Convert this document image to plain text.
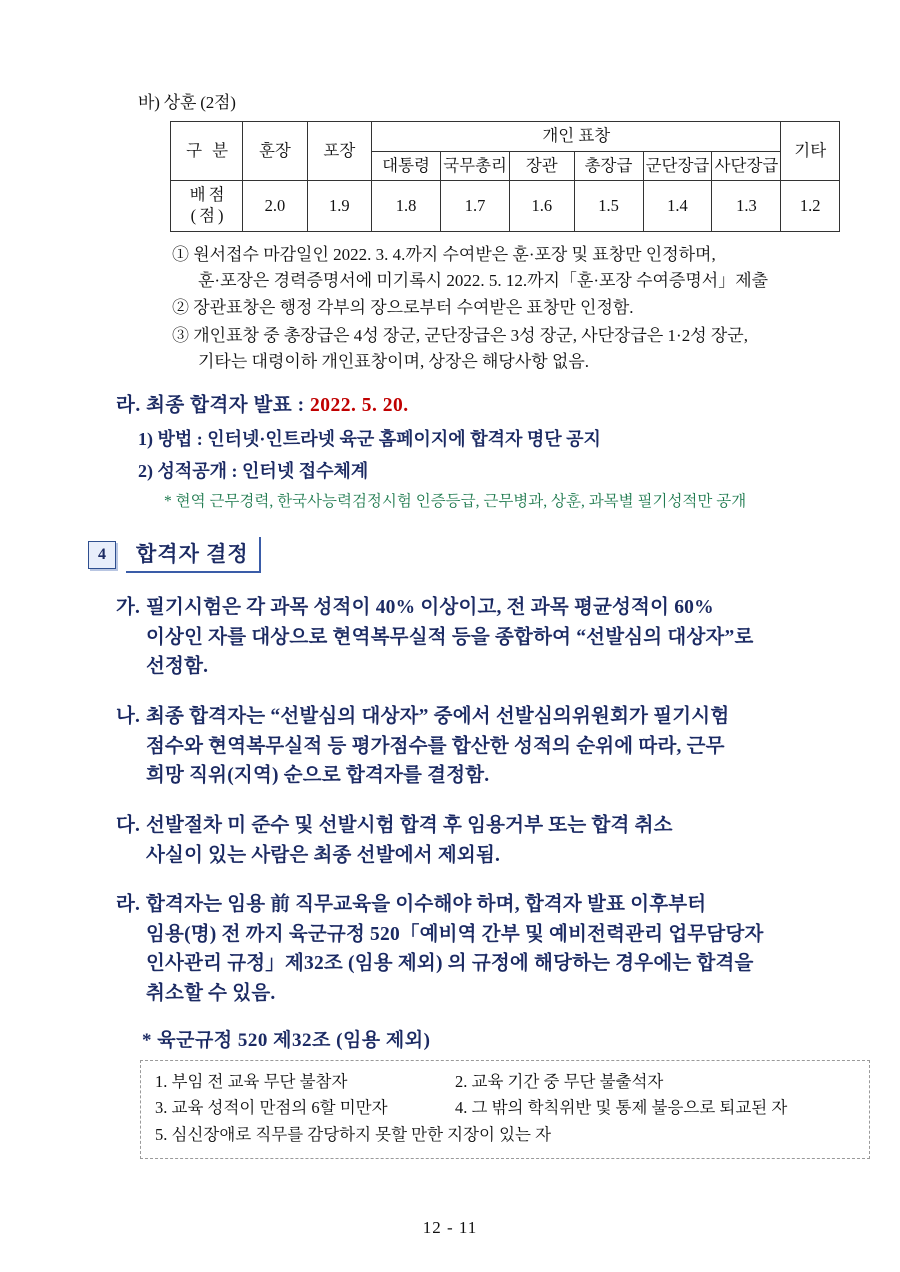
바) 상훈 (2점)
구 분	훈장	포장	개인 표창						기타
			대통령	국무총리	장관	총장급	군단장급	사단장급	
배점(점)	2.0	1.9	1.8	1.7	1.6	1.5	1.4	1.3	1.2
① 원서접수 마감일인 2022. 3. 4.까지 수여받은 훈·포장 및 표창만 인정하며,
훈·포장은 경력증명서에 미기록시 2022. 5. 12.까지「훈·포장 수여증명서」제출
② 장관표창은 행정 각부의 장으로부터 수여받은 표창만 인정함.
③ 개인표창 중 총장급은 4성 장군, 군단장급은 3성 장군, 사단장급은 1·2성 장군,
기타는 대령이하 개인표창이며, 상장은 해당사항 없음.
라. 최종 합격자 발표 : 2022. 5. 20.
1) 방법 : 인터넷·인트라넷 육군 홈페이지에 합격자 명단 공지
2) 성적공개 : 인터넷 접수체계
* 현역 근무경력, 한국사능력검정시험 인증등급, 근무병과, 상훈, 과목별 필기성적만 공개
4	합격자 결정
가. 필기시험은 각 과목 성적이 40% 이상이고, 전 과목 평균성적이 60%
이상인 자를 대상으로 현역복무실적 등을 종합하여 “선발심의 대상자”로
선정함.
나. 최종 합격자는 “선발심의 대상자” 중에서 선발심의위원회가 필기시험
점수와 현역복무실적 등 평가점수를 합산한 성적의 순위에 따라, 근무
희망 직위(지역) 순으로 합격자를 결정함.
다. 선발절차 미 준수 및 선발시험 합격 후 임용거부 또는 합격 취소
사실이 있는 사람은 최종 선발에서 제외됨.
라. 합격자는 임용 前 직무교육을 이수해야 하며, 합격자 발표 이후부터
임용(명) 전 까지 육군규정 520「예비역 간부 및 예비전력관리 업무담당자
인사관리 규정」제32조 (임용 제외) 의 규정에 해당하는 경우에는 합격을
취소할 수 있음.
* 육군규정 520 제32조 (임용 제외)
1. 부임 전 교육 무단 불참자	2. 교육 기간 중 무단 불출석자
3. 교육 성적이 만점의 6할 미만자	4. 그 밖의 학칙위반 및 통제 불응으로 퇴교된 자
5. 심신장애로 직무를 감당하지 못할 만한 지장이 있는 자
12 - 11
